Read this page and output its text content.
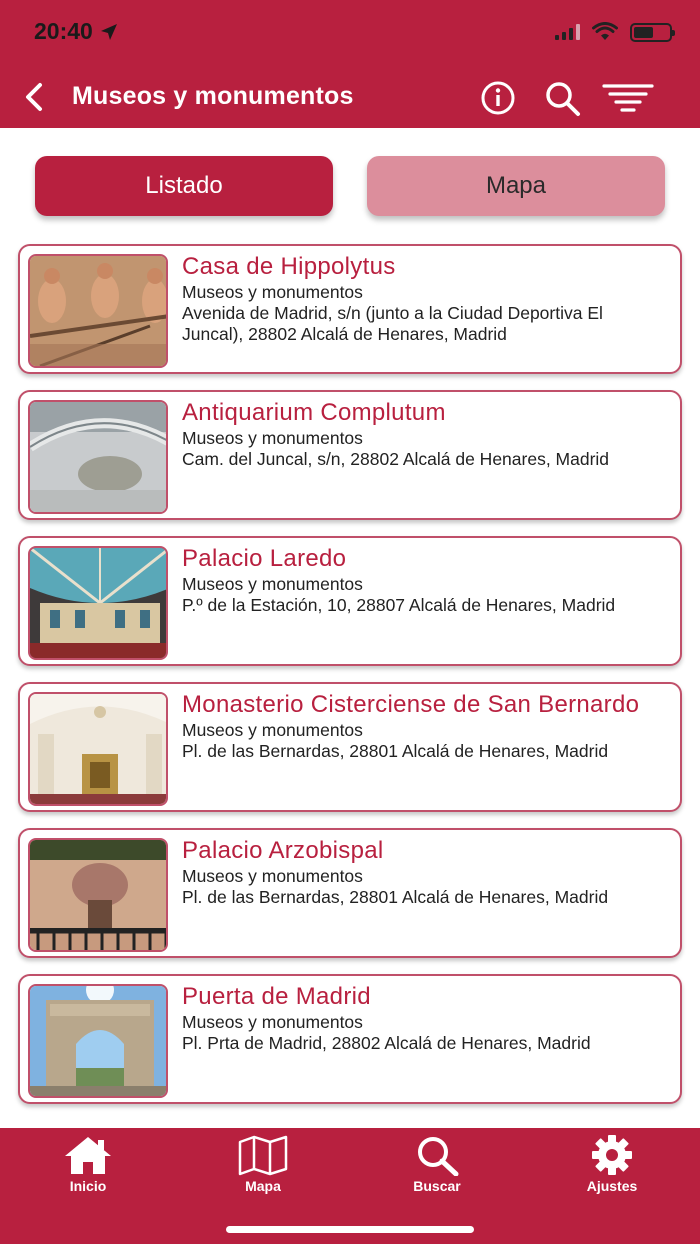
20:40
Museos y monumentos
Listado	Mapa
Casa de Hippolytus
Museos y monumentos
Avenida de Madrid, s/n (junto a la Ciudad Deportiva El Juncal), 28802 Alcalá de Henares, Madrid
Antiquarium Complutum
Museos y monumentos
Cam. del Juncal, s/n, 28802 Alcalá de Henares, Madrid
Palacio Laredo
Museos y monumentos
P.º de la Estación, 10, 28807 Alcalá de Henares, Madrid
Monasterio Cisterciense de San Bernardo
Museos y monumentos
Pl. de las Bernardas, 28801 Alcalá de Henares, Madrid
Palacio Arzobispal
Museos y monumentos
Pl. de las Bernardas, 28801 Alcalá de Henares, Madrid
Puerta de Madrid
Museos y monumentos
Pl. Prta de Madrid, 28802 Alcalá de Henares, Madrid
Inicio	Mapa	Buscar	Ajustes
